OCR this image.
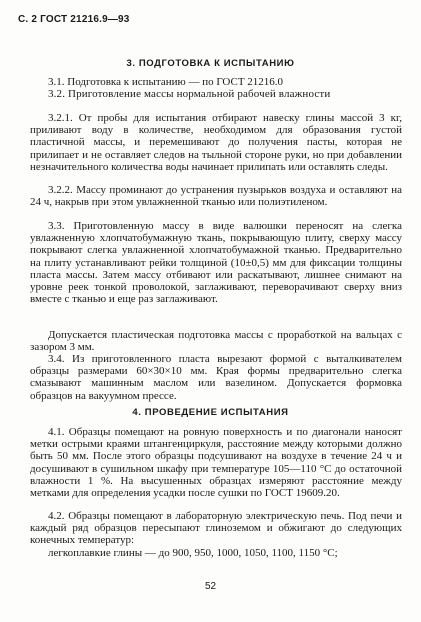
С. 2 ГОСТ 21216.9—93
3. ПОДГОТОВКА К ИСПЫТАНИЮ
3.1. Подготовка к испытанию — по ГОСТ 21216.0
3.2. Приготовление массы нормальной рабочей влажности
3.2.1. От пробы для испытания отбирают навеску глины массой 3 кг, приливают воду в количестве, необходимом для образования густой пластичной массы, и перемешивают до получения пасты, которая не прилипает и не оставляет следов на тыльной стороне руки, но при добавлении незначительного количества воды начинает прилипать или оставлять следы.
3.2.2. Массу проминают до устранения пузырьков воздуха и оставляют на 24 ч, накрыв при этом увлажненной тканью или полиэтиленом.
3.3. Приготовленную массу в виде валюшки переносят на слегка увлажненную хлопчатобумажную ткань, покрывающую плиту, сверху массу покрывают слегка увлажненной хлопчатобумажной тканью. Предварительно на плиту устанавливают рейки толщиной (10±0,5) мм для фиксации толщины пласта массы. Затем массу отбивают или раскатывают, лишнее снимают на уровне реек тонкой проволокой, заглаживают, переворачивают сверху вниз вместе с тканью и еще раз заглаживают.
Допускается пластическая подготовка массы с проработкой на вальцах с зазором 3 мм.
3.4. Из приготовленного пласта вырезают формой с выталкивателем образцы размерами 60×30×10 мм. Края формы предварительно слегка смазывают машинным маслом или вазелином. Допускается формовка образцов на вакуумном прессе.
4. ПРОВЕДЕНИЕ ИСПЫТАНИЯ
4.1. Образцы помещают на ровную поверхность и по диагонали наносят метки острыми краями штангенциркуля, расстояние между которыми должно быть 50 мм. После этого образцы подсушивают на воздухе в течение 24 ч и досушивают в сушильном шкафу при температуре 105—110 °С до остаточной влажности 1 %. На высушенных образцах измеряют расстояние между метками для определения усадки после сушки по ГОСТ 19609.20.
4.2. Образцы помещают в лабораторную электрическую печь. Под печи и каждый ряд образцов пересыпают глиноземом и обжигают до следующих конечных температур:
легкоплавкие глины — до 900, 950, 1000, 1050, 1100, 1150 °С;
52
